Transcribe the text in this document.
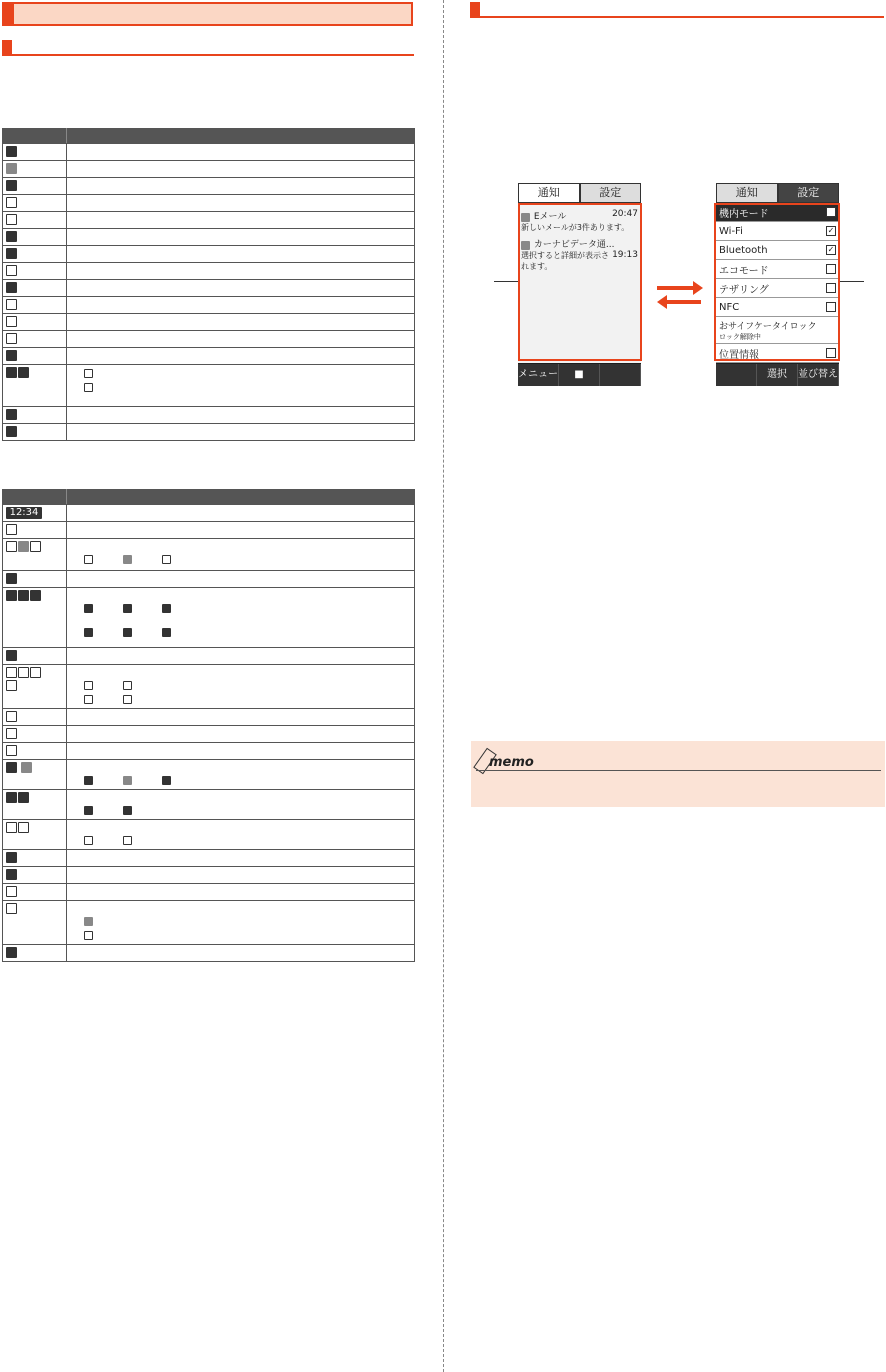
12:34	

通知	設定
Eメール	20:47

新しいメールが3件あります。
カーナビデータ通...
19:13

選択すると詳細が表示されます。
メニュー	■
通知	設定
機内モード
Wi-Fi	✓
Bluetooth	✓
エコモード
テザリング
NFC
おサイフケータイロック
ロック解除中
位置情報
選択	並び替え
memo
